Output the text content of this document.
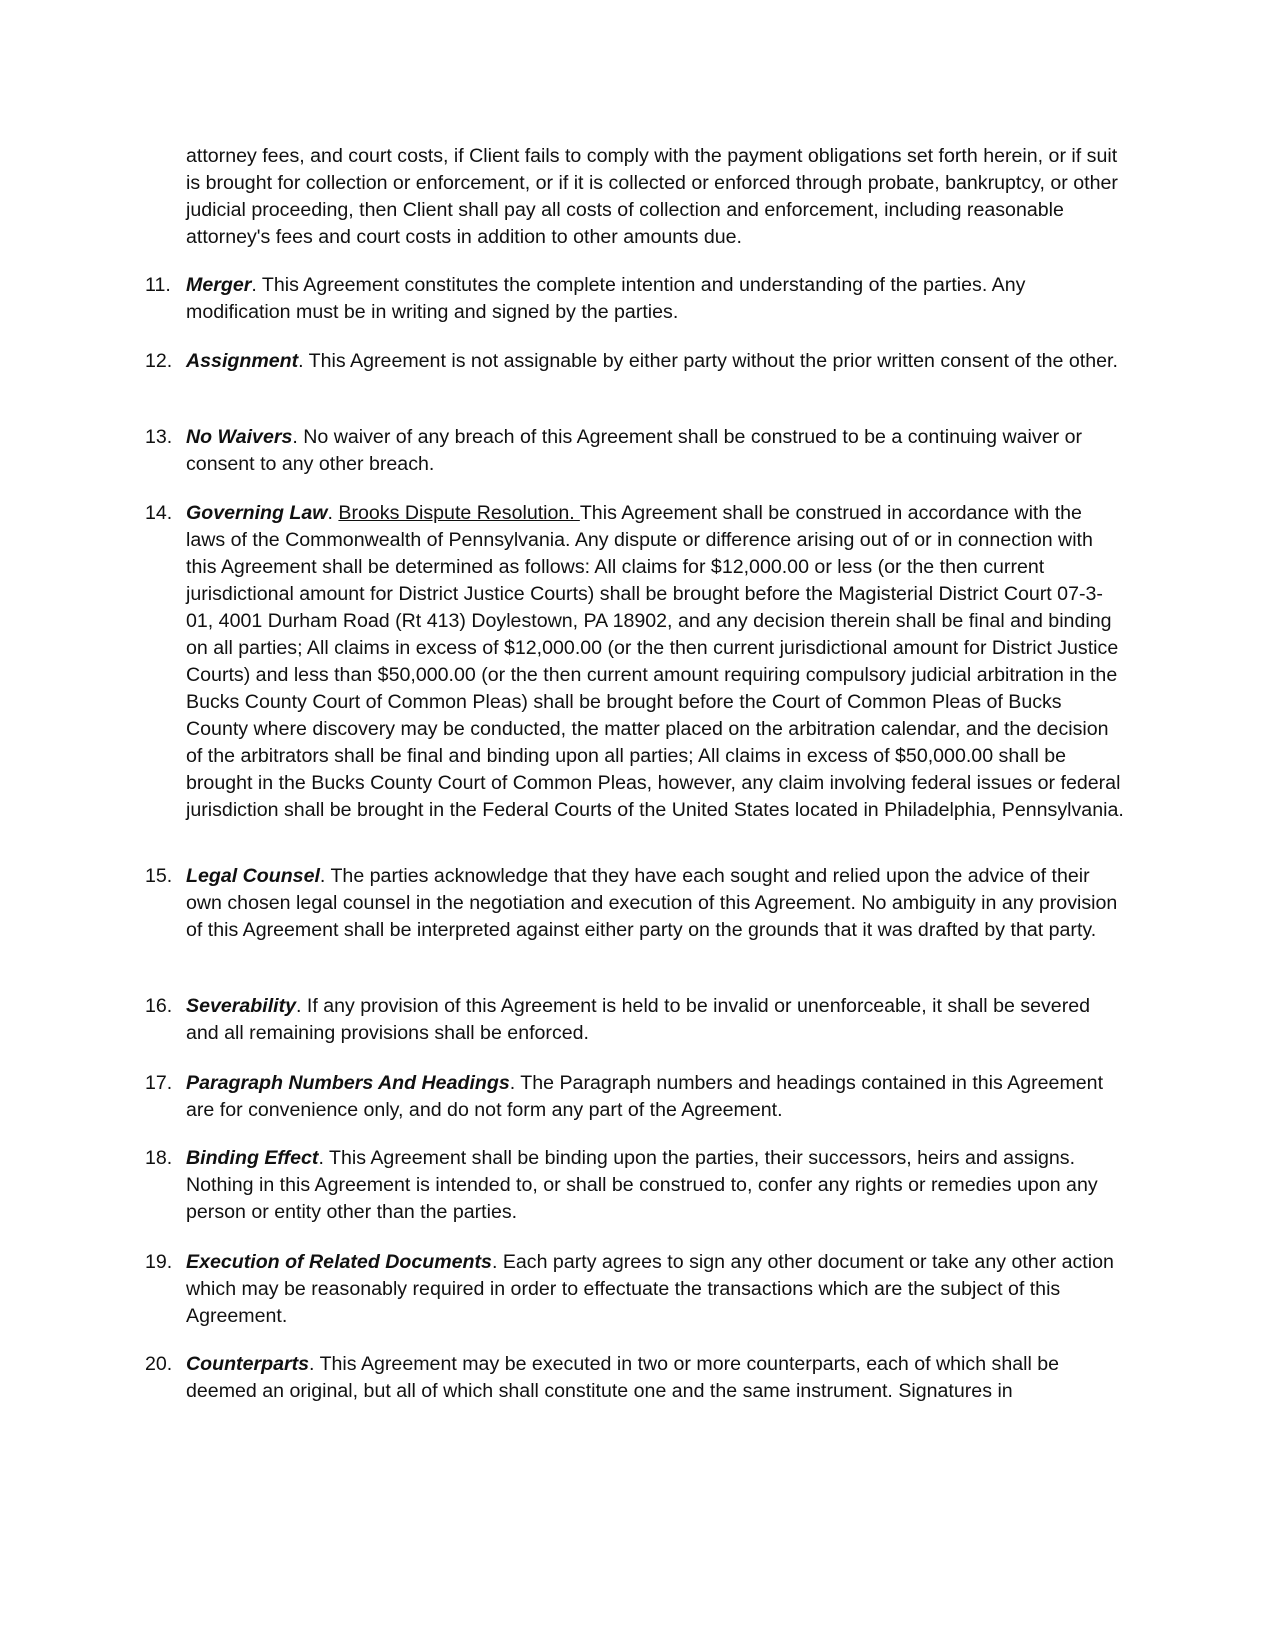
attorney fees, and court costs, if Client fails to comply with the payment obligations set forth herein, or if suit is brought for collection or enforcement, or if it is collected or enforced through probate, bankruptcy, or other judicial proceeding, then Client shall pay all costs of collection and enforcement, including reasonable attorney's fees and court costs in addition to other amounts due.

11. Merger. This Agreement constitutes the complete intention and understanding of the parties. Any modification must be in writing and signed by the parties.

12. Assignment. This Agreement is not assignable by either party without the prior written consent of the other.

13. No Waivers. No waiver of any breach of this Agreement shall be construed to be a continuing waiver or consent to any other breach.

14. Governing Law. Brooks Dispute Resolution. This Agreement shall be construed in accordance with the laws of the Commonwealth of Pennsylvania. Any dispute or difference arising out of or in connection with this Agreement shall be determined as follows: All claims for $12,000.00 or less (or the then current jurisdictional amount for District Justice Courts) shall be brought before the Magisterial District Court 07-3-01, 4001 Durham Road (Rt 413) Doylestown, PA 18902, and any decision therein shall be final and binding on all parties; All claims in excess of $12,000.00 (or the then current jurisdictional amount for District Justice Courts) and less than $50,000.00 (or the then current amount requiring compulsory judicial arbitration in the Bucks County Court of Common Pleas) shall be brought before the Court of Common Pleas of Bucks County where discovery may be conducted, the matter placed on the arbitration calendar, and the decision of the arbitrators shall be final and binding upon all parties; All claims in excess of $50,000.00 shall be brought in the Bucks County Court of Common Pleas, however, any claim involving federal issues or federal jurisdiction shall be brought in the Federal Courts of the United States located in Philadelphia, Pennsylvania.

15. Legal Counsel. The parties acknowledge that they have each sought and relied upon the advice of their own chosen legal counsel in the negotiation and execution of this Agreement. No ambiguity in any provision of this Agreement shall be interpreted against either party on the grounds that it was drafted by that party.

16. Severability. If any provision of this Agreement is held to be invalid or unenforceable, it shall be severed and all remaining provisions shall be enforced.

17. Paragraph Numbers And Headings. The Paragraph numbers and headings contained in this Agreement are for convenience only, and do not form any part of the Agreement.

18. Binding Effect. This Agreement shall be binding upon the parties, their successors, heirs and assigns. Nothing in this Agreement is intended to, or shall be construed to, confer any rights or remedies upon any person or entity other than the parties.

19. Execution of Related Documents. Each party agrees to sign any other document or take any other action which may be reasonably required in order to effectuate the transactions which are the subject of this Agreement.

20. Counterparts. This Agreement may be executed in two or more counterparts, each of which shall be deemed an original, but all of which shall constitute one and the same instrument. Signatures in
